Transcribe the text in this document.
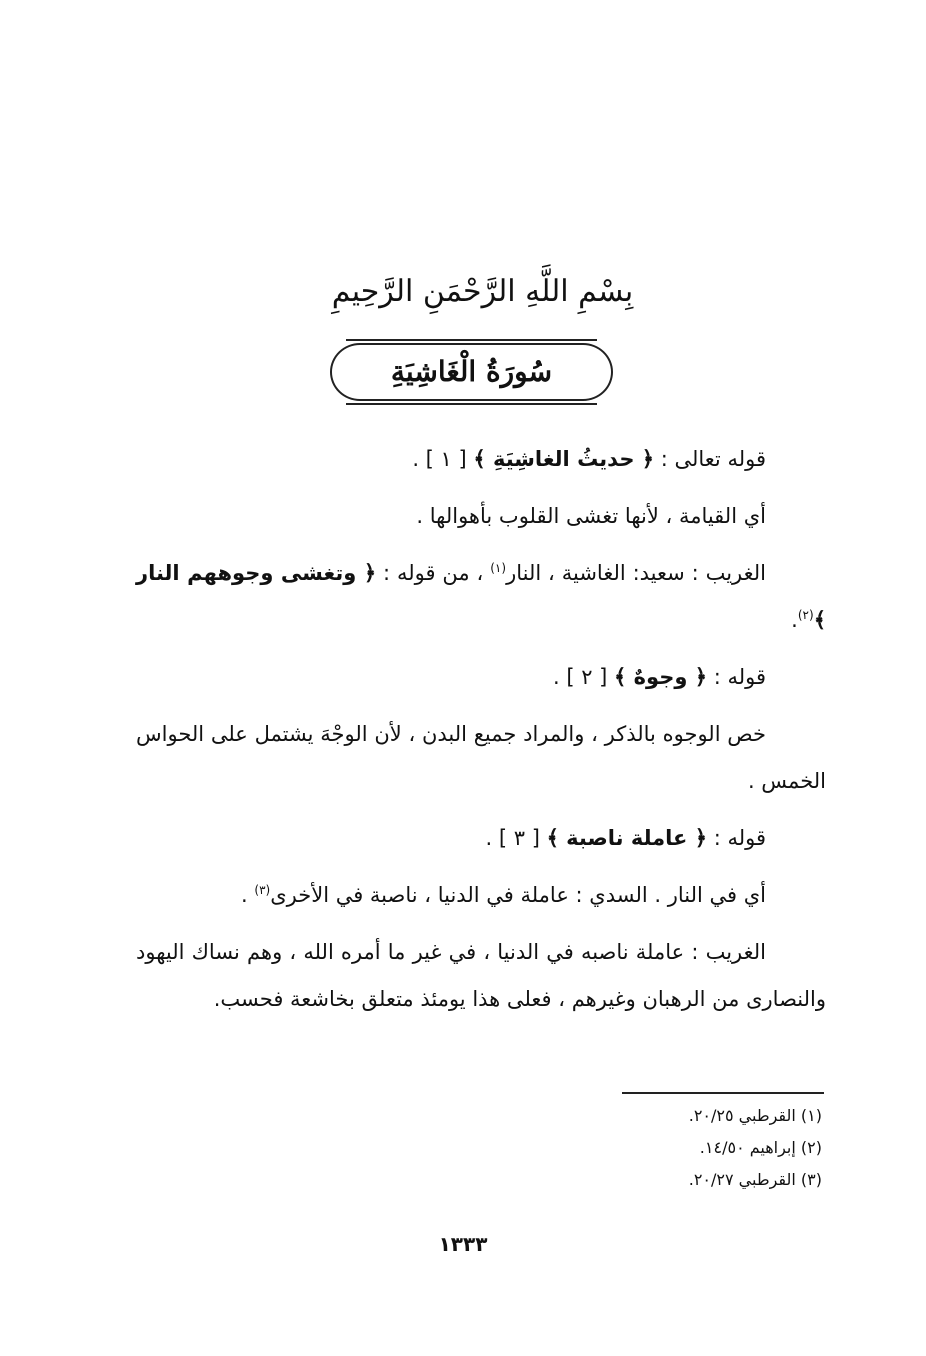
بِسْمِ اللَّهِ الرَّحْمَنِ الرَّحِيمِ
سُورَةُ الْغَاشِيَةِ

قوله تعالى : ﴿ حديثُ الغاشِيَةِ ﴾ [ ١ ] .

أي القيامة ، لأنها تغشى القلوب بأهوالها .

الغريب : سعيد: الغاشية ، النار$^{(١)}$ ، من قوله : ﴿ وتغشى وجوههم النار ﴾$^{(٢)}$.

قوله : ﴿ وجوهٌ ﴾ [ ٢ ] .

خص الوجوه بالذكر ، والمراد جميع البدن ، لأن الوجْهَ يشتمل على الحواس الخمس .

قوله : ﴿ عاملة ناصبة ﴾ [ ٣ ] .

أي في النار . السدي : عاملة في الدنيا ، ناصبة في الأخرى$^{(٣)}$ .

الغريب : عاملة ناصبه في الدنيا ، في غير ما أمره الله ، وهم نساك اليهود والنصارى من الرهبان وغيرهم ، فعلى هذا يومئذ متعلق بخاشعة فحسب.

(١) القرطبي ٢٠/٢٥.
(٢) إبراهيم ١٤/٥٠.
(٣) القرطبي ٢٠/٢٧.
١٣٣٣
